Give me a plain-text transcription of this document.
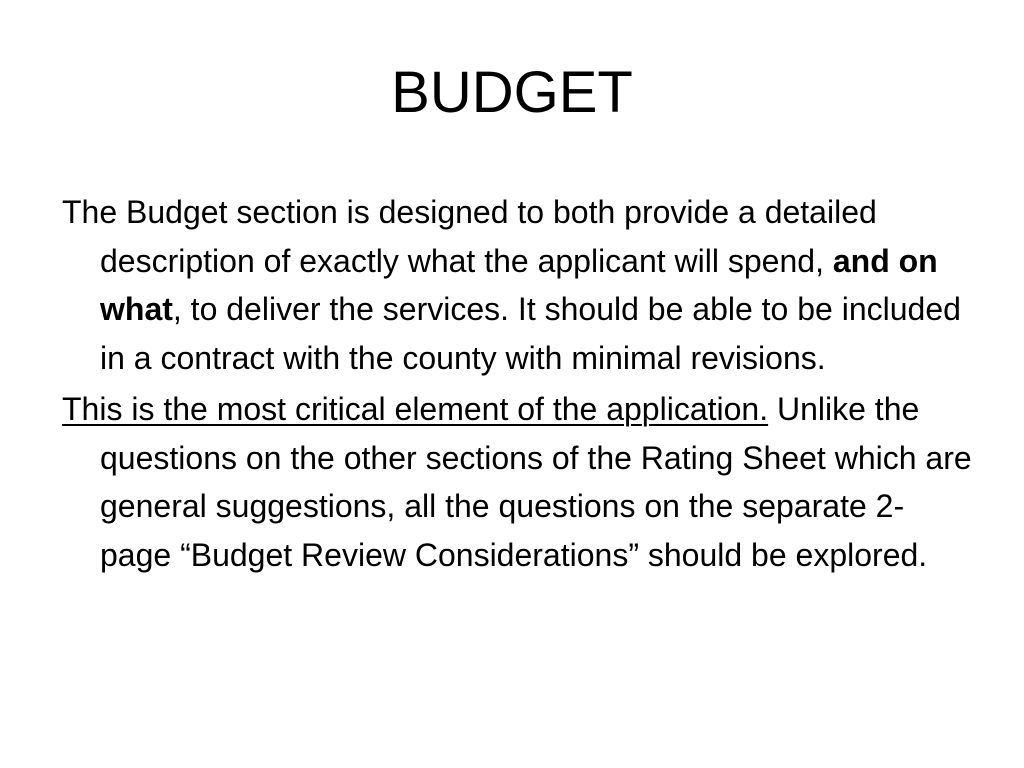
BUDGET

The Budget section is designed to both provide a detailed description of exactly what the applicant will spend, and on what, to deliver the services. It should be able to be included in a contract with the county with minimal revisions.

This is the most critical element of the application. Unlike the questions on the other sections of the Rating Sheet which are general suggestions, all the questions on the separate 2-page “Budget Review Considerations” should be explored.
